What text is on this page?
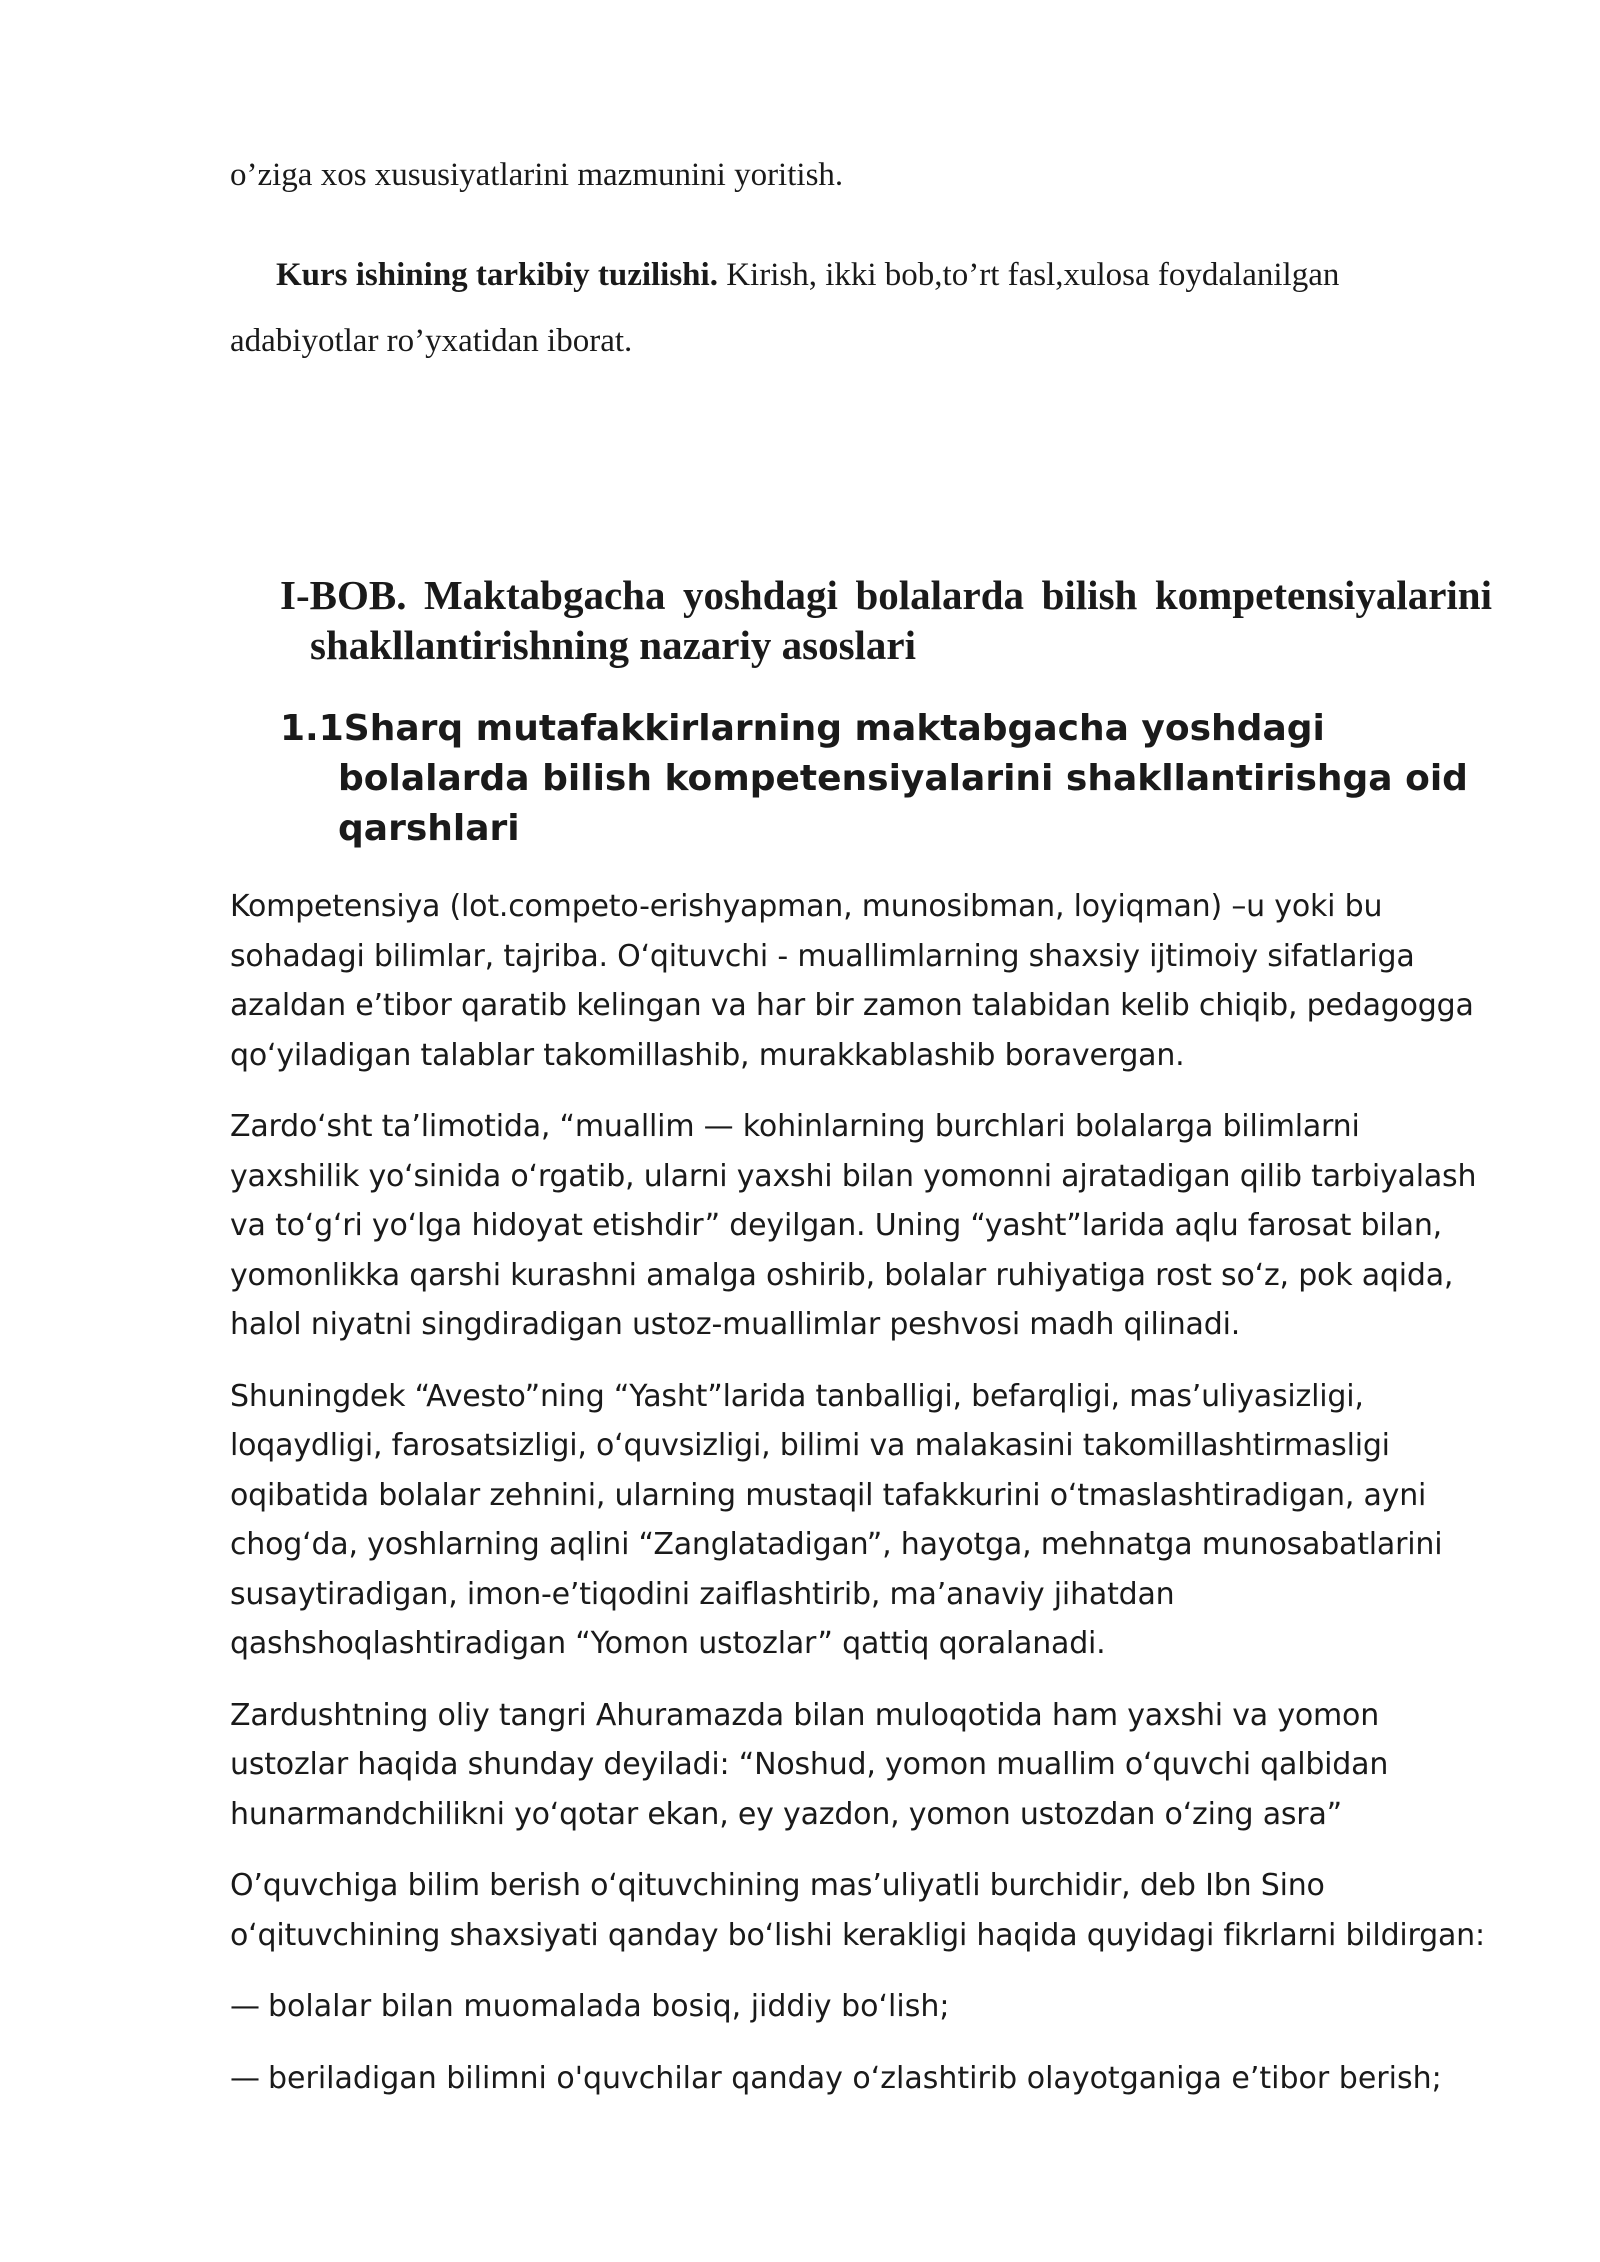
o’ziga xos xususiyatlarini mazmunini yoritish.

Kurs ishining tarkibiy tuzilishi. Kirish, ikki bob,to’rt fasl,xulosa foydalanilgan adabiyotlar ro’yxatidan iborat.

I-BOB. Maktabgacha yoshdagi bolalarda bilish kompetensiyalarinishakllantirishning nazariy asoslari
1.1Sharq mutafakkirlarning maktabgacha yoshdagi bolalarda bilish kompetensiyalarini shakllantirishga oid qarshlari

Kompetensiya (lot.competo-erishyapman, munosibman, loyiqman) –u yoki bu sohadagi bilimlar, tajriba. Oʻqituvchi - muallimlarning shaxsiy ijtimoiy sifatlariga azaldan e’tibor qaratib kelingan va har bir zamon talabidan kelib chiqib, pedagogga qoʻyiladigan talablar takomillashib, murakkablashib boravergan.

Zardoʻsht ta’limotida, “muallim — kohinlarning burchlari bolalarga bilimlarni yaxshilik yoʻsinida oʻrgatib, ularni yaxshi bilan yomonni ajratadigan qilib tarbiyalash va toʻgʻri yoʻlga hidoyat etishdir” deyilgan. Uning “yasht”larida aqlu farosat bilan, yomonlikka qarshi kurashni amalga oshirib, bolalar ruhiyatiga rost soʻz, pok aqida, halol niyatni singdiradigan ustoz-muallimlar peshvosi madh qilinadi.

Shuningdek “Avesto”ning “Yasht”larida tanballigi, befarqligi, mas’uliyasizligi, loqaydligi, farosatsizligi, oʻquvsizligi, bilimi va malakasini takomillashtirmasligi oqibatida bolalar zehnini, ularning mustaqil tafakkurini oʻtmaslashtiradigan, ayni chogʻda, yoshlarning aqlini “Zanglatadigan”, hayotga, mehnatga munosabatlarini susaytiradigan, imon-e’tiqodini zaiflashtirib, ma’anaviy jihatdan qashshoqlashtiradigan “Yomon ustozlar” qattiq qoralanadi.

Zardushtning oliy tangri Ahuramazda bilan muloqotida ham yaxshi va yomon ustozlar haqida shunday deyiladi: “Noshud, yomon muallim oʻquvchi qalbidan hunarmandchilikni yoʻqotar ekan, ey yazdon, yomon ustozdan oʻzing asra”

O’quvchiga bilim berish oʻqituvchining mas’uliyatli burchidir, deb Ibn Sino oʻqituvchining shaxsiyati qanday boʻlishi kerakligi haqida quyidagi fikrlarni bildirgan:

— bolalar bilan muomalada bosiq, jiddiy boʻlish;

— beriladigan bilimni o'quvchilar qanday oʻzlashtirib olayotganiga e’tibor berish;
